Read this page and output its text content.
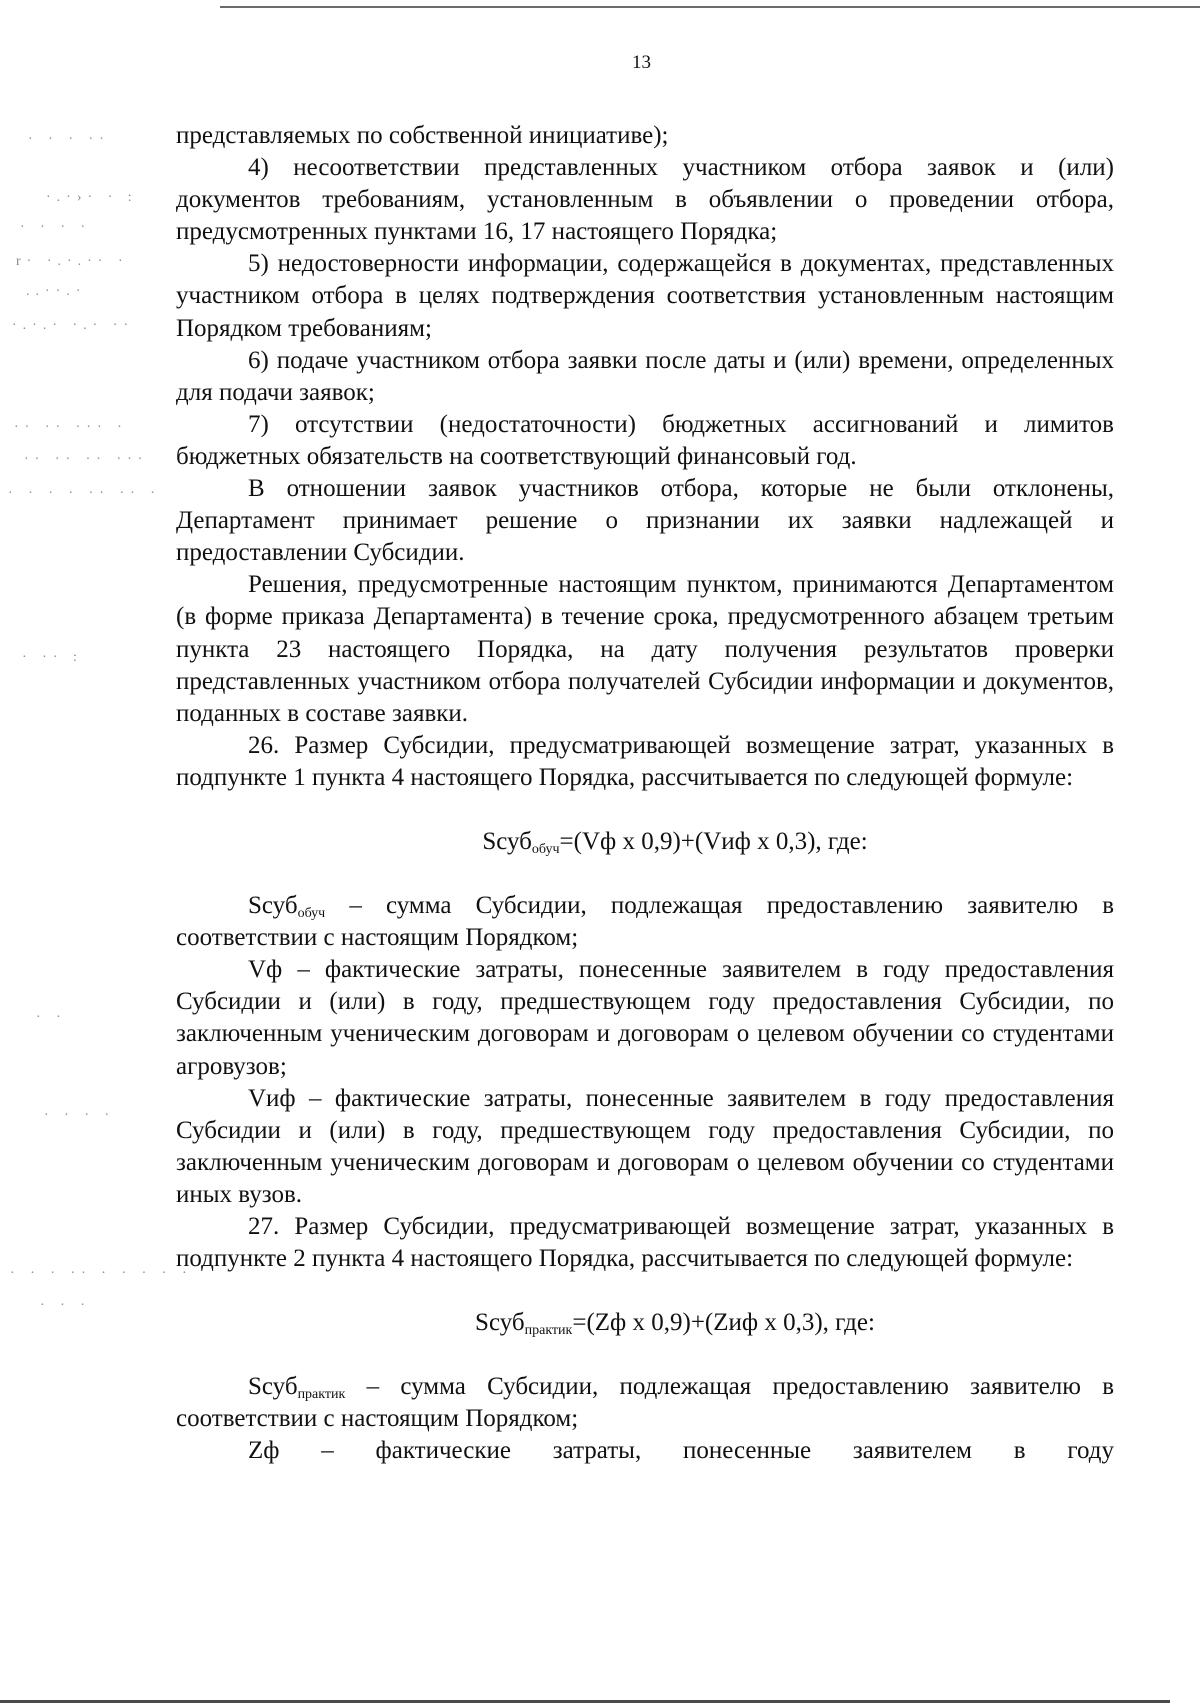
· · · ··
·.·›· · :
· · · ·
r· ·.·.·· ·
..··.·
·.·.· ·.· ··
·· ·· ··· ·
·· ·· ·· ···
· · · · ·· ·· ·
· ·· :
· ·
· · · ·
· · · ·· · · · · ·
· · ·
13
представляемых по собственной инициативе);
4) несоответствии представленных участником отбора заявок и (или) документов требованиям, установленным в объявлении о проведении отбора, предусмотренных пунктами 16, 17 настоящего Порядка;
5) недостоверности информации, содержащейся в документах, представленных участником отбора в целях подтверждения соответствия установленным настоящим Порядком требованиям;
6) подаче участником отбора заявки после даты и (или) времени, определенных для подачи заявок;
7) отсутствии (недостаточности) бюджетных ассигнований и лимитов бюджетных обязательств на соответствующий финансовый год.
В отношении заявок участников отбора, которые не были отклонены, Департамент принимает решение о признании их заявки надлежащей и предоставлении Субсидии.
Решения, предусмотренные настоящим пунктом, принимаются Департаментом (в форме приказа Департамента) в течение срока, предусмотренного абзацем третьим пункта 23 настоящего Порядка, на дату получения результатов проверки представленных участником отбора получателей Субсидии информации и документов, поданных в составе заявки.
26. Размер Субсидии, предусматривающей возмещение затрат, указанных в подпункте 1 пункта 4 настоящего Порядка, рассчитывается по следующей формуле:
Sсуб$_{обуч}$=(Vф х 0,9)+(Vиф х 0,3), где:
Sсуб$_{обуч}$ – сумма Субсидии, подлежащая предоставлению заявителю в соответствии с настоящим Порядком;
Vф – фактические затраты, понесенные заявителем в году предоставления Субсидии и (или) в году, предшествующем году предоставления Субсидии, по заключенным ученическим договорам и договорам о целевом обучении со студентами агровузов;
Vиф – фактические затраты, понесенные заявителем в году предоставления Субсидии и (или) в году, предшествующем году предоставления Субсидии, по заключенным ученическим договорам и договорам о целевом обучении со студентами иных вузов.
27. Размер Субсидии, предусматривающей возмещение затрат, указанных в подпункте 2 пункта 4 настоящего Порядка, рассчитывается по следующей формуле:
Sсуб$_{практик}$=(Zф х 0,9)+(Zиф х 0,3), где:
Sсуб$_{практик}$ – сумма Субсидии, подлежащая предоставлению заявителю в соответствии с настоящим Порядком;
Zф – фактические затраты, понесенные заявителем в году
